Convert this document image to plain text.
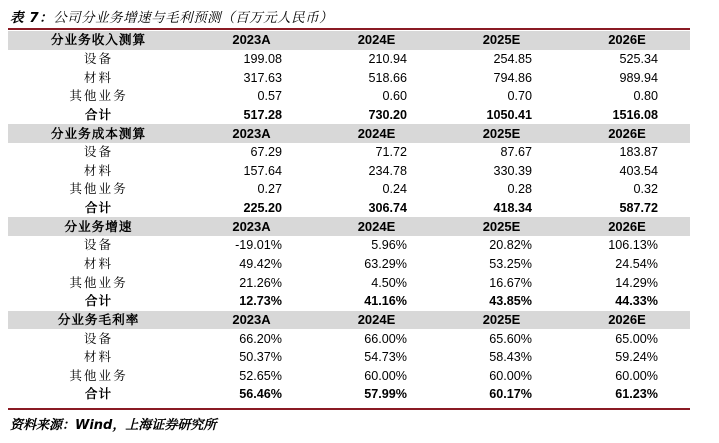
表 7：公司分业务增速与毛利预测（百万元人民币）
分业务收入测算	2023A	2024E	2025E	2026E
设备	199.08	210.94	254.85	525.34
材料	317.63	518.66	794.86	989.94
其他业务	0.57	0.60	0.70	0.80
合计	517.28	730.20	1050.41	1516.08
分业务成本测算	2023A	2024E	2025E	2026E
设备	67.29	71.72	87.67	183.87
材料	157.64	234.78	330.39	403.54
其他业务	0.27	0.24	0.28	0.32
合计	225.20	306.74	418.34	587.72
分业务增速	2023A	2024E	2025E	2026E
设备	-19.01%	5.96%	20.82%	106.13%
材料	49.42%	63.29%	53.25%	24.54%
其他业务	21.26%	4.50%	16.67%	14.29%
合计	12.73%	41.16%	43.85%	44.33%
分业务毛利率	2023A	2024E	2025E	2026E
设备	66.20%	66.00%	65.60%	65.00%
材料	50.37%	54.73%	58.43%	59.24%
其他业务	52.65%	60.00%	60.00%	60.00%
合计	56.46%	57.99%	60.17%	61.23%
资料来源：Wind，上海证券研究所
